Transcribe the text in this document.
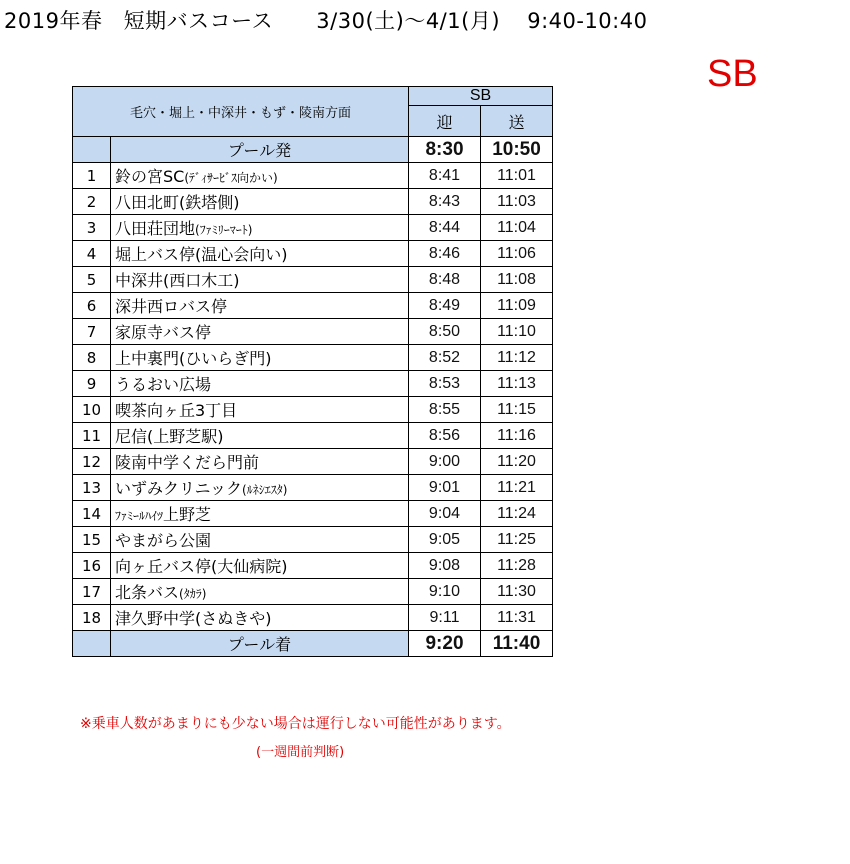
2019年春 短期バスコース 3/30(土)～4/1(月) 9:40-10:40
SB
毛穴・堀上・中深井・もず・陵南方面		SB	
		迎	送
	プール発	8:30	10:50
1	鈴の宮SC(ﾃﾞｨｻｰﾋﾞｽ向かい)	8:41	11:01
2	八田北町(鉄塔側)	8:43	11:03
3	八田荘団地(ﾌｧﾐﾘｰﾏｰﾄ)	8:44	11:04
4	堀上バス停(温心会向い)	8:46	11:06
5	中深井(西口木工)	8:48	11:08
6	深井西ロバス停	8:49	11:09
7	家原寺バス停	8:50	11:10
8	上中裏門(ひいらぎ門)	8:52	11:12
9	うるおい広場	8:53	11:13
10	喫茶向ヶ丘3丁目	8:55	11:15
11	尼信(上野芝駅)	8:56	11:16
12	陵南中学くだら門前	9:00	11:20
13	いずみクリニック(ﾙﾈｼｴｽﾀ)	9:01	11:21
14	ﾌｧﾐｰﾙﾊｲﾂ上野芝	9:04	11:24
15	やまがら公園	9:05	11:25
16	向ヶ丘バス停(大仙病院)	9:08	11:28
17	北条バス(ﾀｶﾗ)	9:10	11:30
18	津久野中学(さぬきや)	9:11	11:31
	プール着	9:20	11:40
※乗車人数があまりにも少ない場合は運行しない可能性があります。
(一週間前判断)
